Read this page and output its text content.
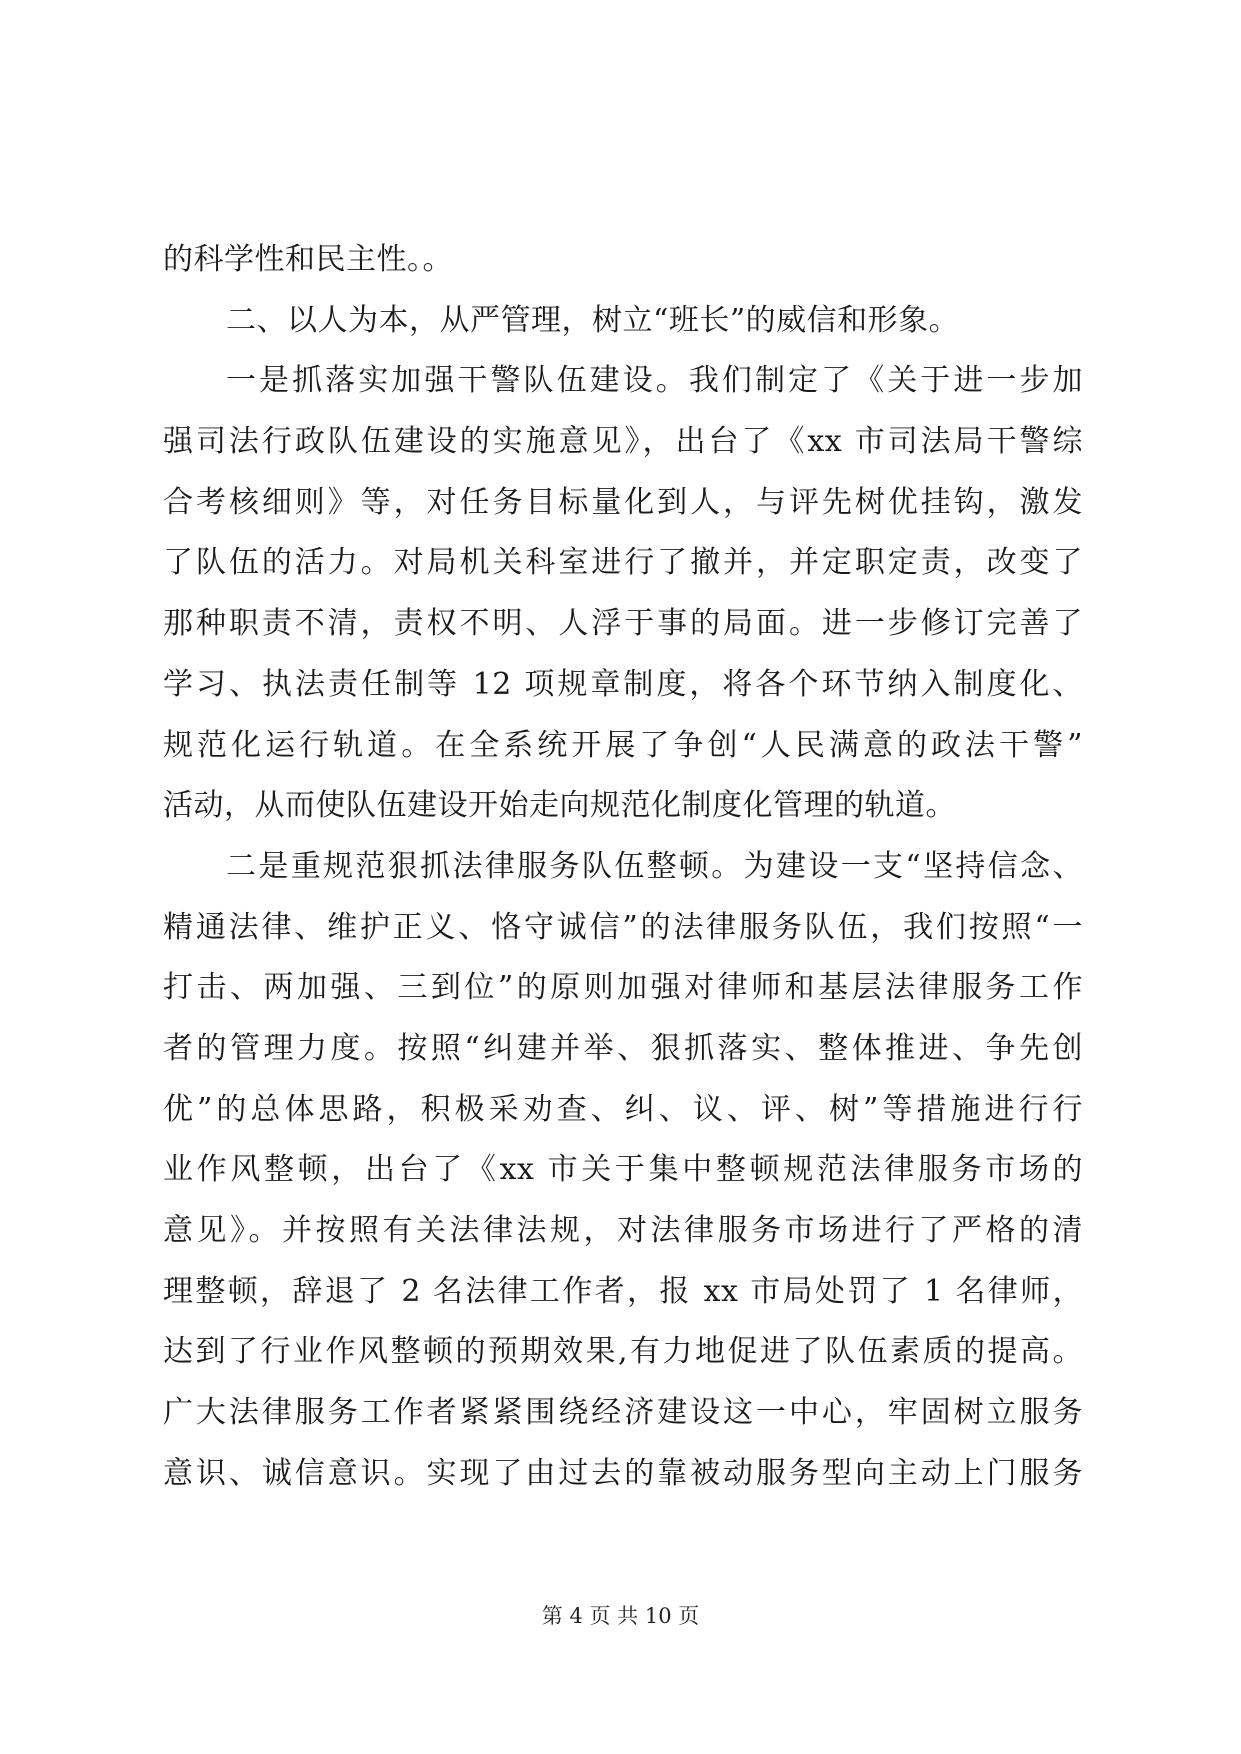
的科学性和民主性。。
二、以人为本，从严管理，树立“班长”的威信和形象。
一是抓落实加强干警队伍建设。我们制定了《关于进一步加
强司法行政队伍建设的实施意见》，出台了《xx 市司法局干警综
合考核细则》等，对任务目标量化到人，与评先树优挂钩，激发
了队伍的活力。对局机关科室进行了撤并，并定职定责，改变了
那种职责不清，责权不明、人浮于事的局面。进一步修订完善了
学习、执法责任制等 12 项规章制度，将各个环节纳入制度化、
规范化运行轨道。在全系统开展了争创“人民满意的政法干警”
活动，从而使队伍建设开始走向规范化制度化管理的轨道。
二是重规范狠抓法律服务队伍整顿。为建设一支“坚持信念、
精通法律、维护正义、恪守诚信”的法律服务队伍，我们按照“一
打击、两加强、三到位”的原则加强对律师和基层法律服务工作
者的管理力度。按照“纠建并举、狠抓落实、整体推进、争先创
优”的总体思路，积极采劝查、纠、议、评、树”等措施进行行
业作风整顿，出台了《xx 市关于集中整顿规范法律服务市场的
意见》。并按照有关法律法规，对法律服务市场进行了严格的清
理整顿，辞退了 2 名法律工作者，报 xx 市局处罚了 1 名律师，
达到了行业作风整顿的预期效果,有力地促进了队伍素质的提高。
广大法律服务工作者紧紧围绕经济建设这一中心，牢固树立服务
意识、诚信意识。实现了由过去的靠被动服务型向主动上门服务
第 4 页 共 10 页
